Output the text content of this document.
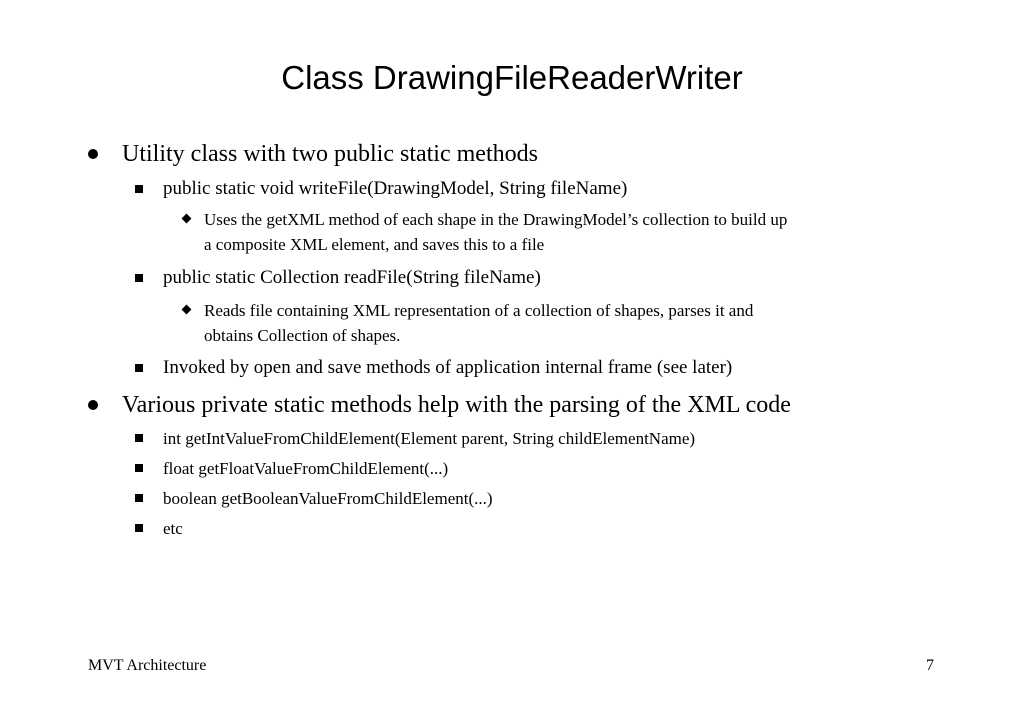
Class DrawingFileReaderWriter
Utility class with two public static methods
public static void writeFile(DrawingModel, String fileName)
Uses the getXML method of each shape in the DrawingModel’s collection to build up
a composite XML element, and saves this to a file
public static Collection readFile(String fileName)
Reads file containing XML representation of a collection of shapes, parses it and
obtains Collection of shapes.
Invoked by open and save methods of application internal frame (see later)
Various private static methods help with the parsing of the XML code
int getIntValueFromChildElement(Element parent, String childElementName)
float getFloatValueFromChildElement(...)
boolean getBooleanValueFromChildElement(...)
etc
MVT Architecture	7
